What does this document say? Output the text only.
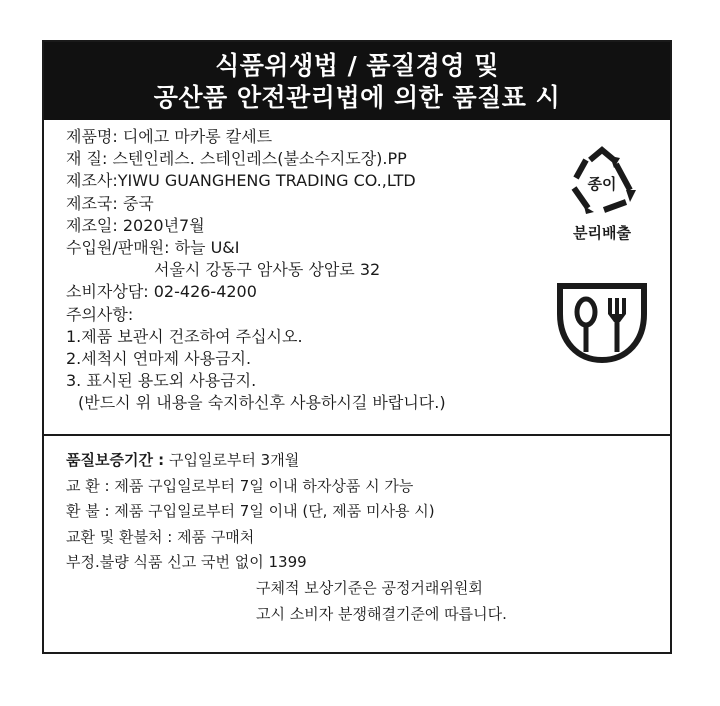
식품위생법 / 품질경영 및
공산품 안전관리법에 의한 품질표 시
제품명: 디에고 마카롱 칼세트
재 질: 스텐인레스. 스테인레스(불소수지도장).PP
제조사:YIWU GUANGHENG TRADING CO.,LTD
제조국: 중국
제조일: 2020년7월
수입원/판매원: 하늘 U&I
서울시 강동구 암사동 상암로 32
소비자상담: 02-426-4200
주의사항:
1.제품 보관시 건조하여 주십시오.
2.세척시 연마제 사용금지.
3. 표시된 용도외 사용금지.
(반드시 위 내용을 숙지하신후 사용하시길 바랍니다.)
종이
분리배출
품질보증기간 : 구입일로부터 3개월
교 환 : 제품 구입일로부터 7일 이내 하자상품 시 가능
환 불 : 제품 구입일로부터 7일 이내 (단, 제품 미사용 시)
교환 및 환불처 : 제품 구매처
부정.불량 식품 신고 국번 없이 1399
구체적 보상기준은 공정거래위원회
고시 소비자 분쟁해결기준에 따릅니다.
